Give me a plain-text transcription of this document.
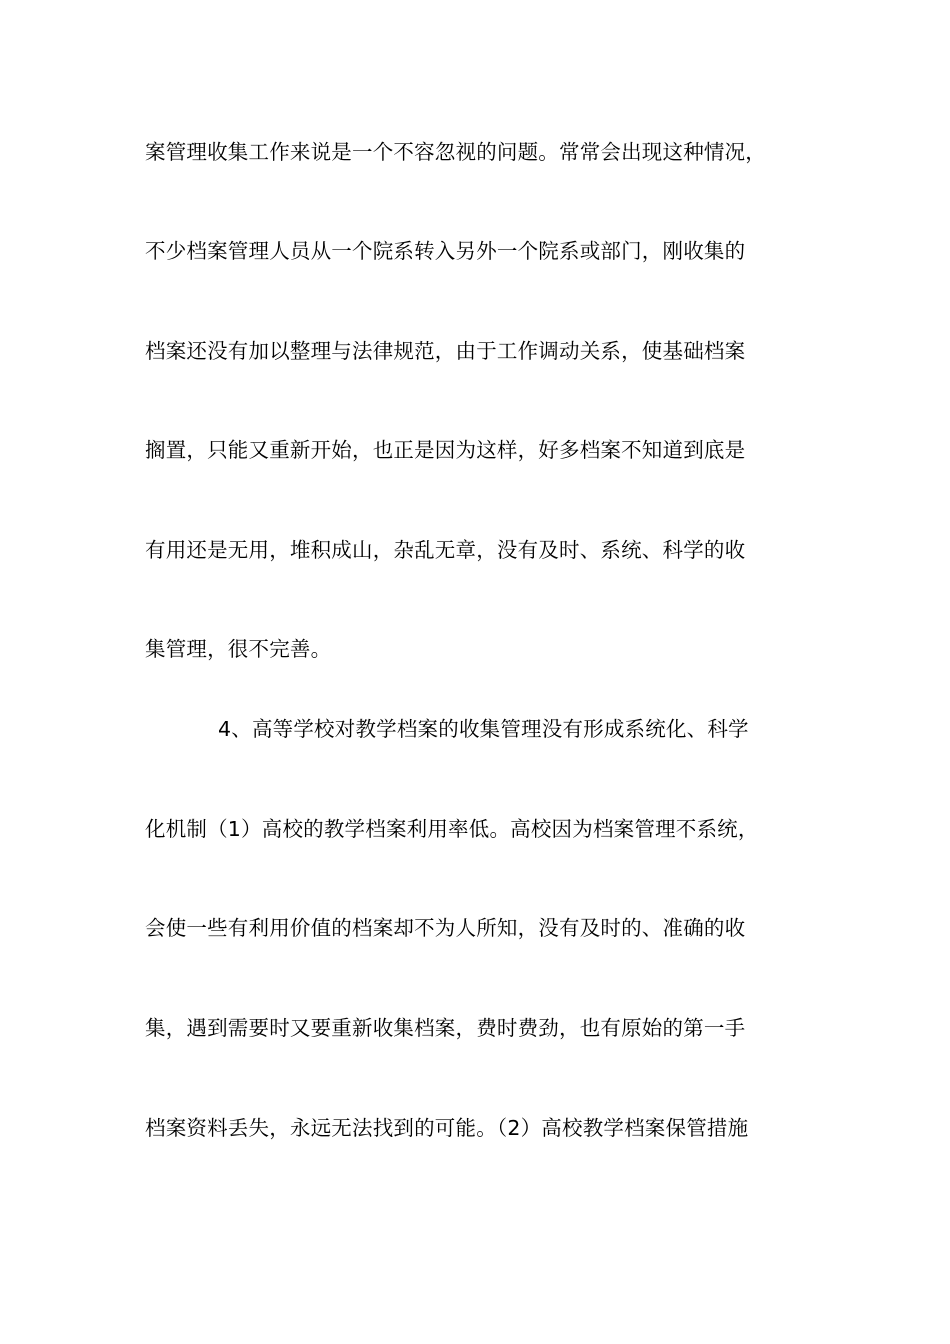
案管理收集工作来说是一个不容忽视的问题。常常会出现这种情况，
不少档案管理人员从一个院系转入另外一个院系或部门，刚收集的
档案还没有加以整理与法律规范，由于工作调动关系，使基础档案
搁置，只能又重新开始，也正是因为这样，好多档案不知道到底是
有用还是无用，堆积成山，杂乱无章，没有及时、系统、科学的收
集管理，很不完善。
4、高等学校对教学档案的收集管理没有形成系统化、科学
化机制（1）高校的教学档案利用率低。高校因为档案管理不系统，
会使一些有利用价值的档案却不为人所知，没有及时的、准确的收
集，遇到需要时又要重新收集档案，费时费劲，也有原始的第一手
档案资料丢失，永远无法找到的可能。（2）高校教学档案保管措施
